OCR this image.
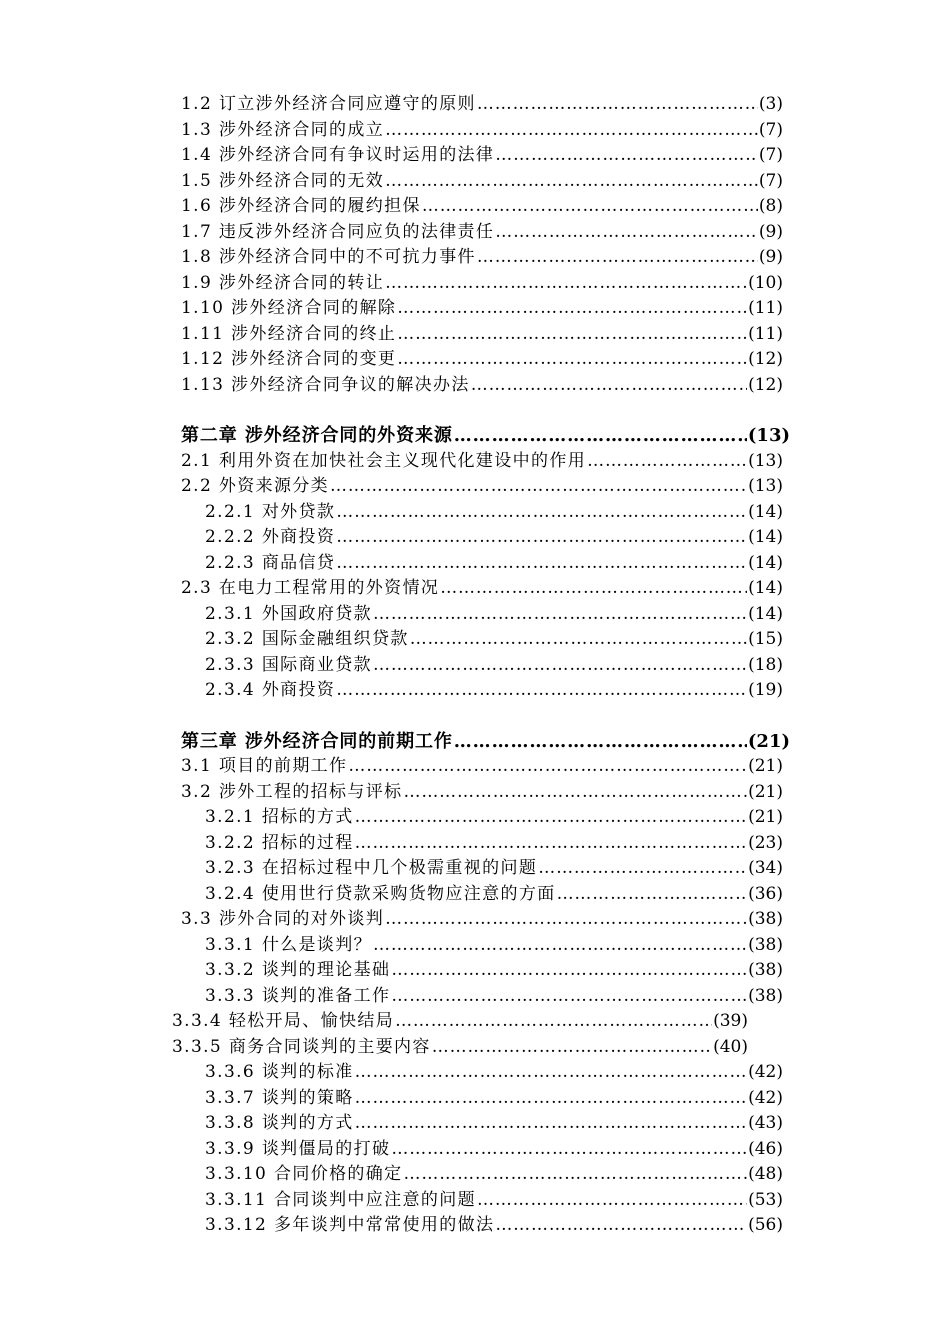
1.2 订立涉外经济合同应遵守的原则 ………………………………………………………………………………………………………………………………	(3)
1.3 涉外经济合同的成立 ………………………………………………………………………………………………………………………………	(7)
1.4 涉外经济合同有争议时运用的法律 ………………………………………………………………………………………………………………………………	(7)
1.5 涉外经济合同的无效 ………………………………………………………………………………………………………………………………	(7)
1.6 涉外经济合同的履约担保 ………………………………………………………………………………………………………………………………	(8)
1.7 违反涉外经济合同应负的法律责任 ………………………………………………………………………………………………………………………………	(9)
1.8 涉外经济合同中的不可抗力事件 ………………………………………………………………………………………………………………………………	(9)
1.9 涉外经济合同的转让 ………………………………………………………………………………………………………………………………	(10)
1.10 涉外经济合同的解除 ………………………………………………………………………………………………………………………………	(11)
1.11 涉外经济合同的终止 ………………………………………………………………………………………………………………………………	(11)
1.12 涉外经济合同的变更 ………………………………………………………………………………………………………………………………	(12)
1.13 涉外经济合同争议的解决办法 ………………………………………………………………………………………………………………………………	(12)
第二章 涉外经济合同的外资来源 ………………………………………………………………………………………………………………………………	(13)
2.1 利用外资在加快社会主义现代化建设中的作用 ………………………………………………………………………………………………………………………………	(13)
2.2 外资来源分类 ………………………………………………………………………………………………………………………………	(13)
2.2.1 对外贷款 ………………………………………………………………………………………………………………………………	(14)
2.2.2 外商投资 ………………………………………………………………………………………………………………………………	(14)
2.2.3 商品信贷 ………………………………………………………………………………………………………………………………	(14)
2.3 在电力工程常用的外资情况 ………………………………………………………………………………………………………………………………	(14)
2.3.1 外国政府贷款 ………………………………………………………………………………………………………………………………	(14)
2.3.2 国际金融组织贷款 ………………………………………………………………………………………………………………………………	(15)
2.3.3 国际商业贷款 ………………………………………………………………………………………………………………………………	(18)
2.3.4 外商投资 ………………………………………………………………………………………………………………………………	(19)
第三章 涉外经济合同的前期工作 ………………………………………………………………………………………………………………………………	(21)
3.1 项目的前期工作 ………………………………………………………………………………………………………………………………	(21)
3.2 涉外工程的招标与评标 ………………………………………………………………………………………………………………………………	(21)
3.2.1 招标的方式 ………………………………………………………………………………………………………………………………	(21)
3.2.2 招标的过程 ………………………………………………………………………………………………………………………………	(23)
3.2.3 在招标过程中几个极需重视的问题 ………………………………………………………………………………………………………………………………	(34)
3.2.4 使用世行贷款采购货物应注意的方面 ………………………………………………………………………………………………………………………………	(36)
3.3 涉外合同的对外谈判 ………………………………………………………………………………………………………………………………	(38)
3.3.1 什么是谈判？ ………………………………………………………………………………………………………………………………	(38)
3.3.2 谈判的理论基础 ………………………………………………………………………………………………………………………………	(38)
3.3.3 谈判的准备工作 ………………………………………………………………………………………………………………………………	(38)
3.3.4 轻松开局、愉快结局 ………………………………………………………………………………………………………………………………	(39)
3.3.5 商务合同谈判的主要内容 ………………………………………………………………………………………………………………………………	(40)
3.3.6 谈判的标准 ………………………………………………………………………………………………………………………………	(42)
3.3.7 谈判的策略 ………………………………………………………………………………………………………………………………	(42)
3.3.8 谈判的方式 ………………………………………………………………………………………………………………………………	(43)
3.3.9 谈判僵局的打破 ………………………………………………………………………………………………………………………………	(46)
3.3.10 合同价格的确定 ………………………………………………………………………………………………………………………………	(48)
3.3.11 合同谈判中应注意的问题 ………………………………………………………………………………………………………………………………	(53)
3.3.12 多年谈判中常常使用的做法 ………………………………………………………………………………………………………………………………	(56)
